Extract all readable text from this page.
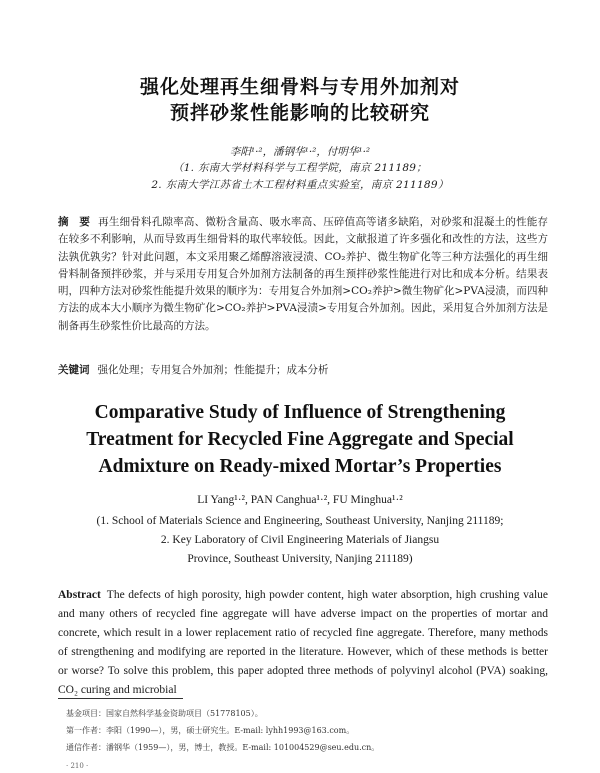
强化处理再生细骨料与专用外加剂对
预拌砂浆性能影响的比较研究
李阳¹·²，潘钢华¹·²，付明华¹·²
（1. 东南大学材料科学与工程学院，南京 211189；
2. 东南大学江苏省土木工程材料重点实验室，南京 211189）
摘　要 再生细骨料孔隙率高、微粉含量高、吸水率高、压碎值高等诸多缺陷，对砂浆和混凝土的性能存在较多不利影响，从而导致再生细骨料的取代率较低。因此，文献报道了许多强化和改性的方法，这些方法孰优孰劣？针对此问题，本文采用聚乙烯醇溶液浸渍、CO₂养护、微生物矿化等三种方法强化的再生细骨料制备预拌砂浆，并与采用专用复合外加剂方法制备的再生预拌砂浆性能进行对比和成本分析。结果表明，四种方法对砂浆性能提升效果的顺序为：专用复合外加剂>CO₂养护>微生物矿化>PVA浸渍，而四种方法的成本大小顺序为微生物矿化>CO₂养护>PVA浸渍>专用复合外加剂。因此，采用复合外加剂方法是制备再生砂浆性价比最高的方法。
关键词 强化处理；专用复合外加剂；性能提升；成本分析
Comparative Study of Influence of Strengthening
Treatment for Recycled Fine Aggregate and Special
Admixture on Ready-mixed Mortar’s Properties
LI Yang¹·², PAN Canghua¹·², FU Minghua¹·²
(1. School of Materials Science and Engineering, Southeast University, Nanjing 211189;
2. Key Laboratory of Civil Engineering Materials of Jiangsu
Province, Southeast University, Nanjing 211189)
Abstract The defects of high porosity, high powder content, high water absorption, high crushing value and many others of recycled fine aggregate will have adverse impact on the properties of mortar and concrete, which result in a lower replacement ratio of recycled fine aggregate. Therefore, many methods of strengthening and modifying are reported in the literature. However, which of these methods is better or worse? To solve this problem, this paper adopted three methods of polyvinyl alcohol (PVA) soaking, CO₂ curing and microbial
基金项目：国家自然科学基金资助项目（51778105）。
第一作者：李阳（1990—），男，硕士研究生。E-mail: lyhh1993@163.com。
通信作者：潘钢华（1959—），男，博士，教授。E-mail: 101004529@seu.edu.cn。
· 210 ·
